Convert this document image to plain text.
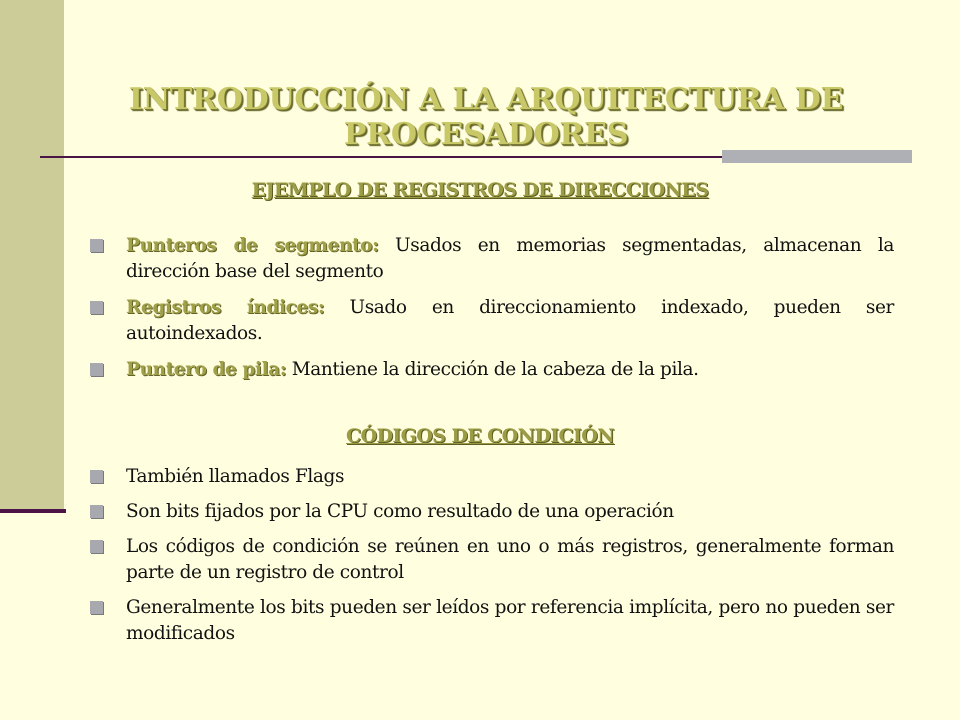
INTRODUCCIÓN A LA ARQUITECTURA DE PROCESADORES
EJEMPLO DE REGISTROS DE DIRECCIONES
Punteros de segmento: Usados en memorias segmentadas, almacenan la dirección base del segmento
Registros índices: Usado en direccionamiento indexado, pueden ser autoindexados.
Puntero de pila: Mantiene la dirección de la cabeza de la pila.
CÓDIGOS DE CONDICIÓN
También llamados Flags
Son bits fijados por la CPU como resultado de una operación
Los códigos de condición se reúnen en uno o más registros, generalmente forman parte de un registro de control
Generalmente los bits pueden ser leídos por referencia implícita, pero no pueden ser modificados
